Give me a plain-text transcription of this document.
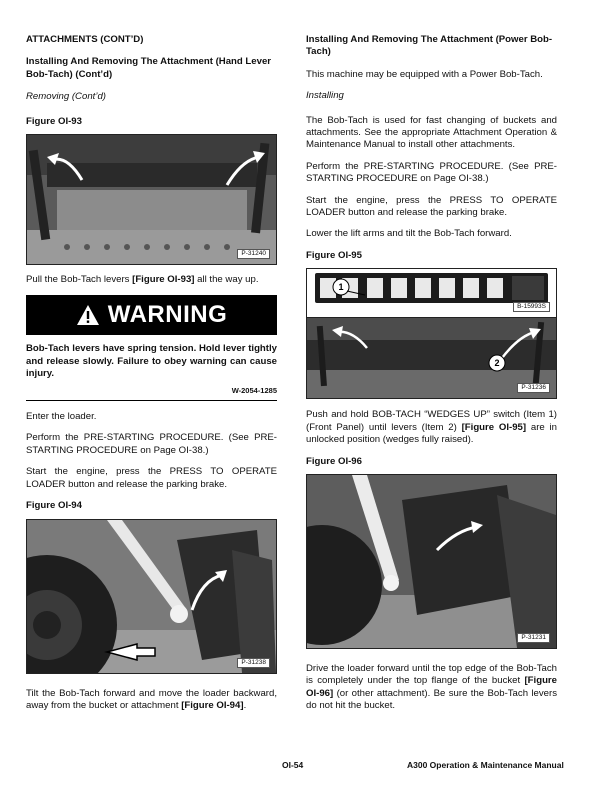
ATTACHMENTS (CONT’D)
Installing And Removing The Attachment (Hand Lever Bob-Tach) (Cont’d)
Removing (Cont’d)
Figure OI-93
P-31240

Pull the Bob-Tach levers [Figure OI-93] all the way up.

WARNING
Bob-Tach levers have spring tension. Hold lever tightly and release slowly. Failure to obey warning can cause injury.
W-2054-1285

Enter the loader.

Perform the PRE-STARTING PROCEDURE. (See PRE-STARTING PROCEDURE on Page OI-38.)

Start the engine, press the PRESS TO OPERATE LOADER button and release the parking brake.

Figure OI-94
P-31238

Tilt the Bob-Tach forward and move the loader backward, away from the bucket or attachment [Figure OI-94].

Installing And Removing The Attachment (Power Bob-Tach)

This machine may be equipped with a Power Bob-Tach.

Installing

The Bob-Tach is used for fast changing of buckets and attachments. See the appropriate Attachment Operation & Maintenance Manual to install other attachments.

Perform the PRE-STARTING PROCEDURE. (See PRE-STARTING PROCEDURE on Page OI-38.)

Start the engine, press the PRESS TO OPERATE LOADER button and release the parking brake.

Lower the lift arms and tilt the Bob-Tach forward.

Figure OI-95
1
B-15993S
2
P-31236

Push and hold BOB-TACH “WEDGES UP” switch (Item 1) (Front Panel) until levers (Item 2) [Figure OI-95] are in unlocked position (wedges fully raised).

Figure OI-96
P-31231

Drive the loader forward until the top edge of the Bob-Tach is completely under the top flange of the bucket [Figure OI-96] (or other attachment). Be sure the Bob-Tach levers do not hit the bucket.

OI-54	A300 Operation & Maintenance Manual
